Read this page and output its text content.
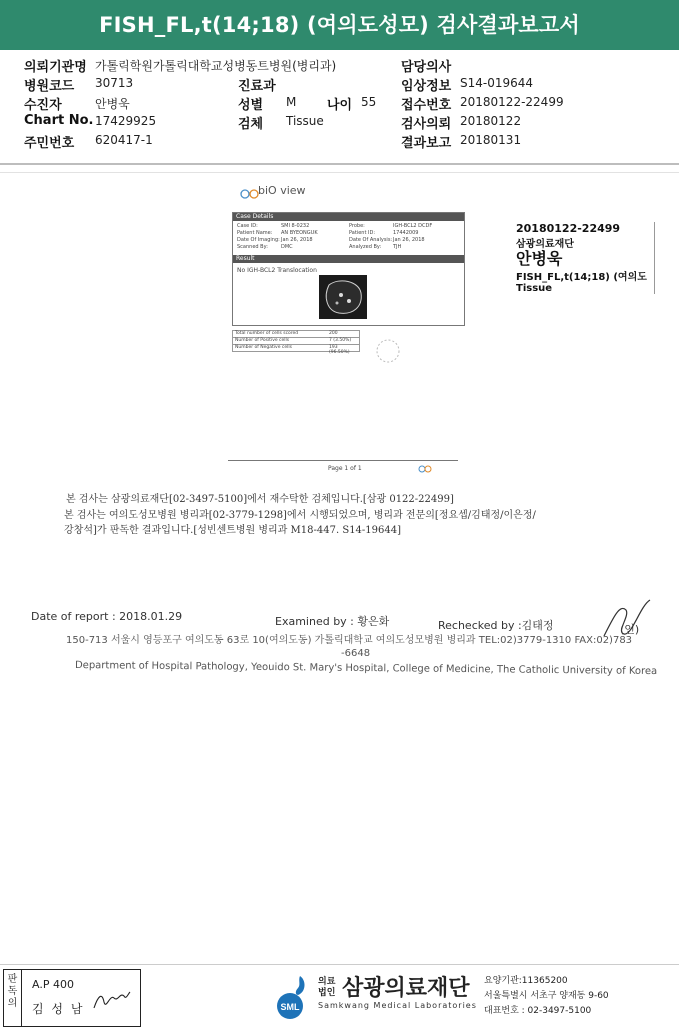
FISH_FL,t(14;18) (여의도성모) 검사결과보고서
의뢰기관명 가톨릭학원가톨릭대학교성병동트병원(병리과)	담당의사
병원코드 30713	진료과	임상정보 S14-019644
수진자	안병욱	성별 M 나이 55 접수번호 20180122-22499
Chart No. 17429925	검체 Tissue	검사의뢰 20180122
주민번호 620417-1	결과보고 20180131
biO view
Case Details
Case ID:	SMI 8-0232	Probe:	IGH-BCL2 DCDF
Patient Name: AN BYEONGUK	Patient ID:	17442009
Date Of Imaging: Jan 26, 2018	Date Of Analysis: Jan 26, 2018
Scanned By:	DMC	Analyzed By: TJH
Result
No IGH-BCL2 Translocation
Total number of cells scored	200
Number of Positive cells	7 (3.50%)
Number of Negative cells	193 (96.50%)
20180122-22499
삼광의료재단
안병욱
FISH_FL,t(14;18) (여의도
Tissue
Page 1 of 1
본 검사는 삼광의료재단[02-3497-5100]에서 재수탁한 검체입니다.[삼광 0122-22499]
본 검사는 여의도성모병원 병리과[02-3779-1298]에서 시행되었으며, 병리과 전문의[정요셉/김태정/이은정/
강창석]가 판독한 결과입니다.[성빈센트병원 병리과 M18-447. S14-19644]
Date of report : 2018.01.29	Examined by : 황은화	Rechecked by :김태정	(인)
150-713 서울시 영등포구 여의도동 63로 10(여의도동) 가톨릭대학교 여의도성모병원 병리과 TEL:02)3779-1310 FAX:02)783
-6648
Department of Hospital Pathology, Yeouido St. Mary's Hospital, College of Medicine, The Catholic University of Korea
판독의
A.P 400
김 성 남	SML
의료
법인 삼광의료재단
Samkwang Medical Laboratories
요양기관:11365200
서울특별시 서초구 양재동 9-60
대표번호 : 02-3497-5100
